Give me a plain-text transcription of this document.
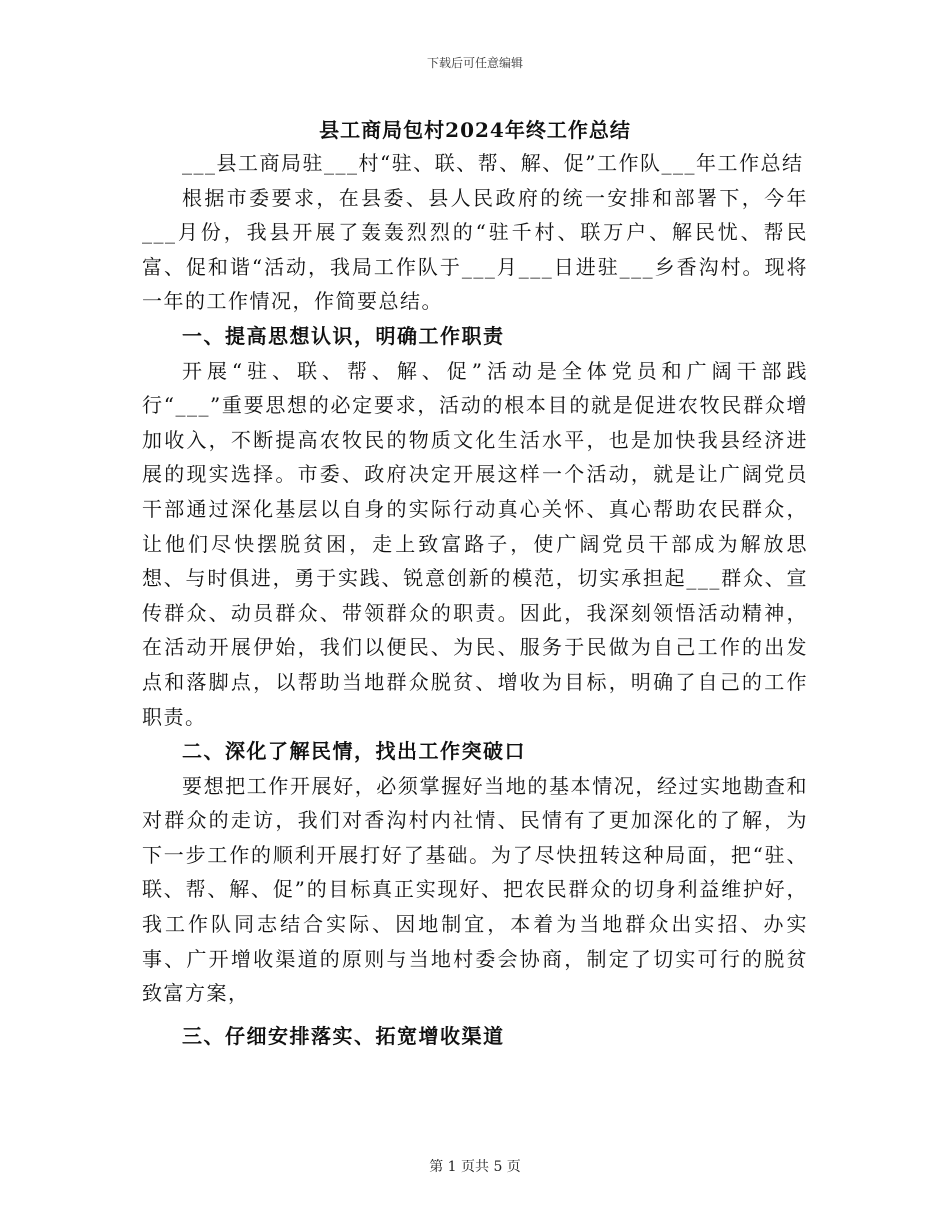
下载后可任意编辑
县工商局包村2024年终工作总结

___县工商局驻___村“驻、联、帮、解、促”工作队___年工作总结

根据市委要求，在县委、县人民政府的统一安排和部署下，今年___月份，我县开展了轰轰烈烈的“驻千村、联万户、解民忧、帮民富、促和谐“活动，我局工作队于___月___日进驻___乡香沟村。现将一年的工作情况，作简要总结。

一、提高思想认识，明确工作职责

开展“驻、联、帮、解、促”活动是全体党员和广阔干部践行“___”重要思想的必定要求，活动的根本目的就是促进农牧民群众增加收入，不断提高农牧民的物质文化生活水平，也是加快我县经济进展的现实选择。市委、政府决定开展这样一个活动，就是让广阔党员干部通过深化基层以自身的实际行动真心关怀、真心帮助农民群众，让他们尽快摆脱贫困，走上致富路子，使广阔党员干部成为解放思想、与时俱进，勇于实践、锐意创新的模范，切实承担起___群众、宣传群众、动员群众、带领群众的职责。因此，我深刻领悟活动精神，在活动开展伊始，我们以便民、为民、服务于民做为自己工作的出发点和落脚点，以帮助当地群众脱贫、增收为目标，明确了自己的工作职责。

二、深化了解民情，找出工作突破口

要想把工作开展好，必须掌握好当地的基本情况，经过实地勘查和对群众的走访，我们对香沟村内社情、民情有了更加深化的了解，为下一步工作的顺利开展打好了基础。为了尽快扭转这种局面，把“驻、联、帮、解、促”的目标真正实现好、把农民群众的切身利益维护好，我工作队同志结合实际、因地制宜，本着为当地群众出实招、办实事、广开增收渠道的原则与当地村委会协商，制定了切实可行的脱贫致富方案，

三、仔细安排落实、拓宽增收渠道
第 1 页共 5 页
